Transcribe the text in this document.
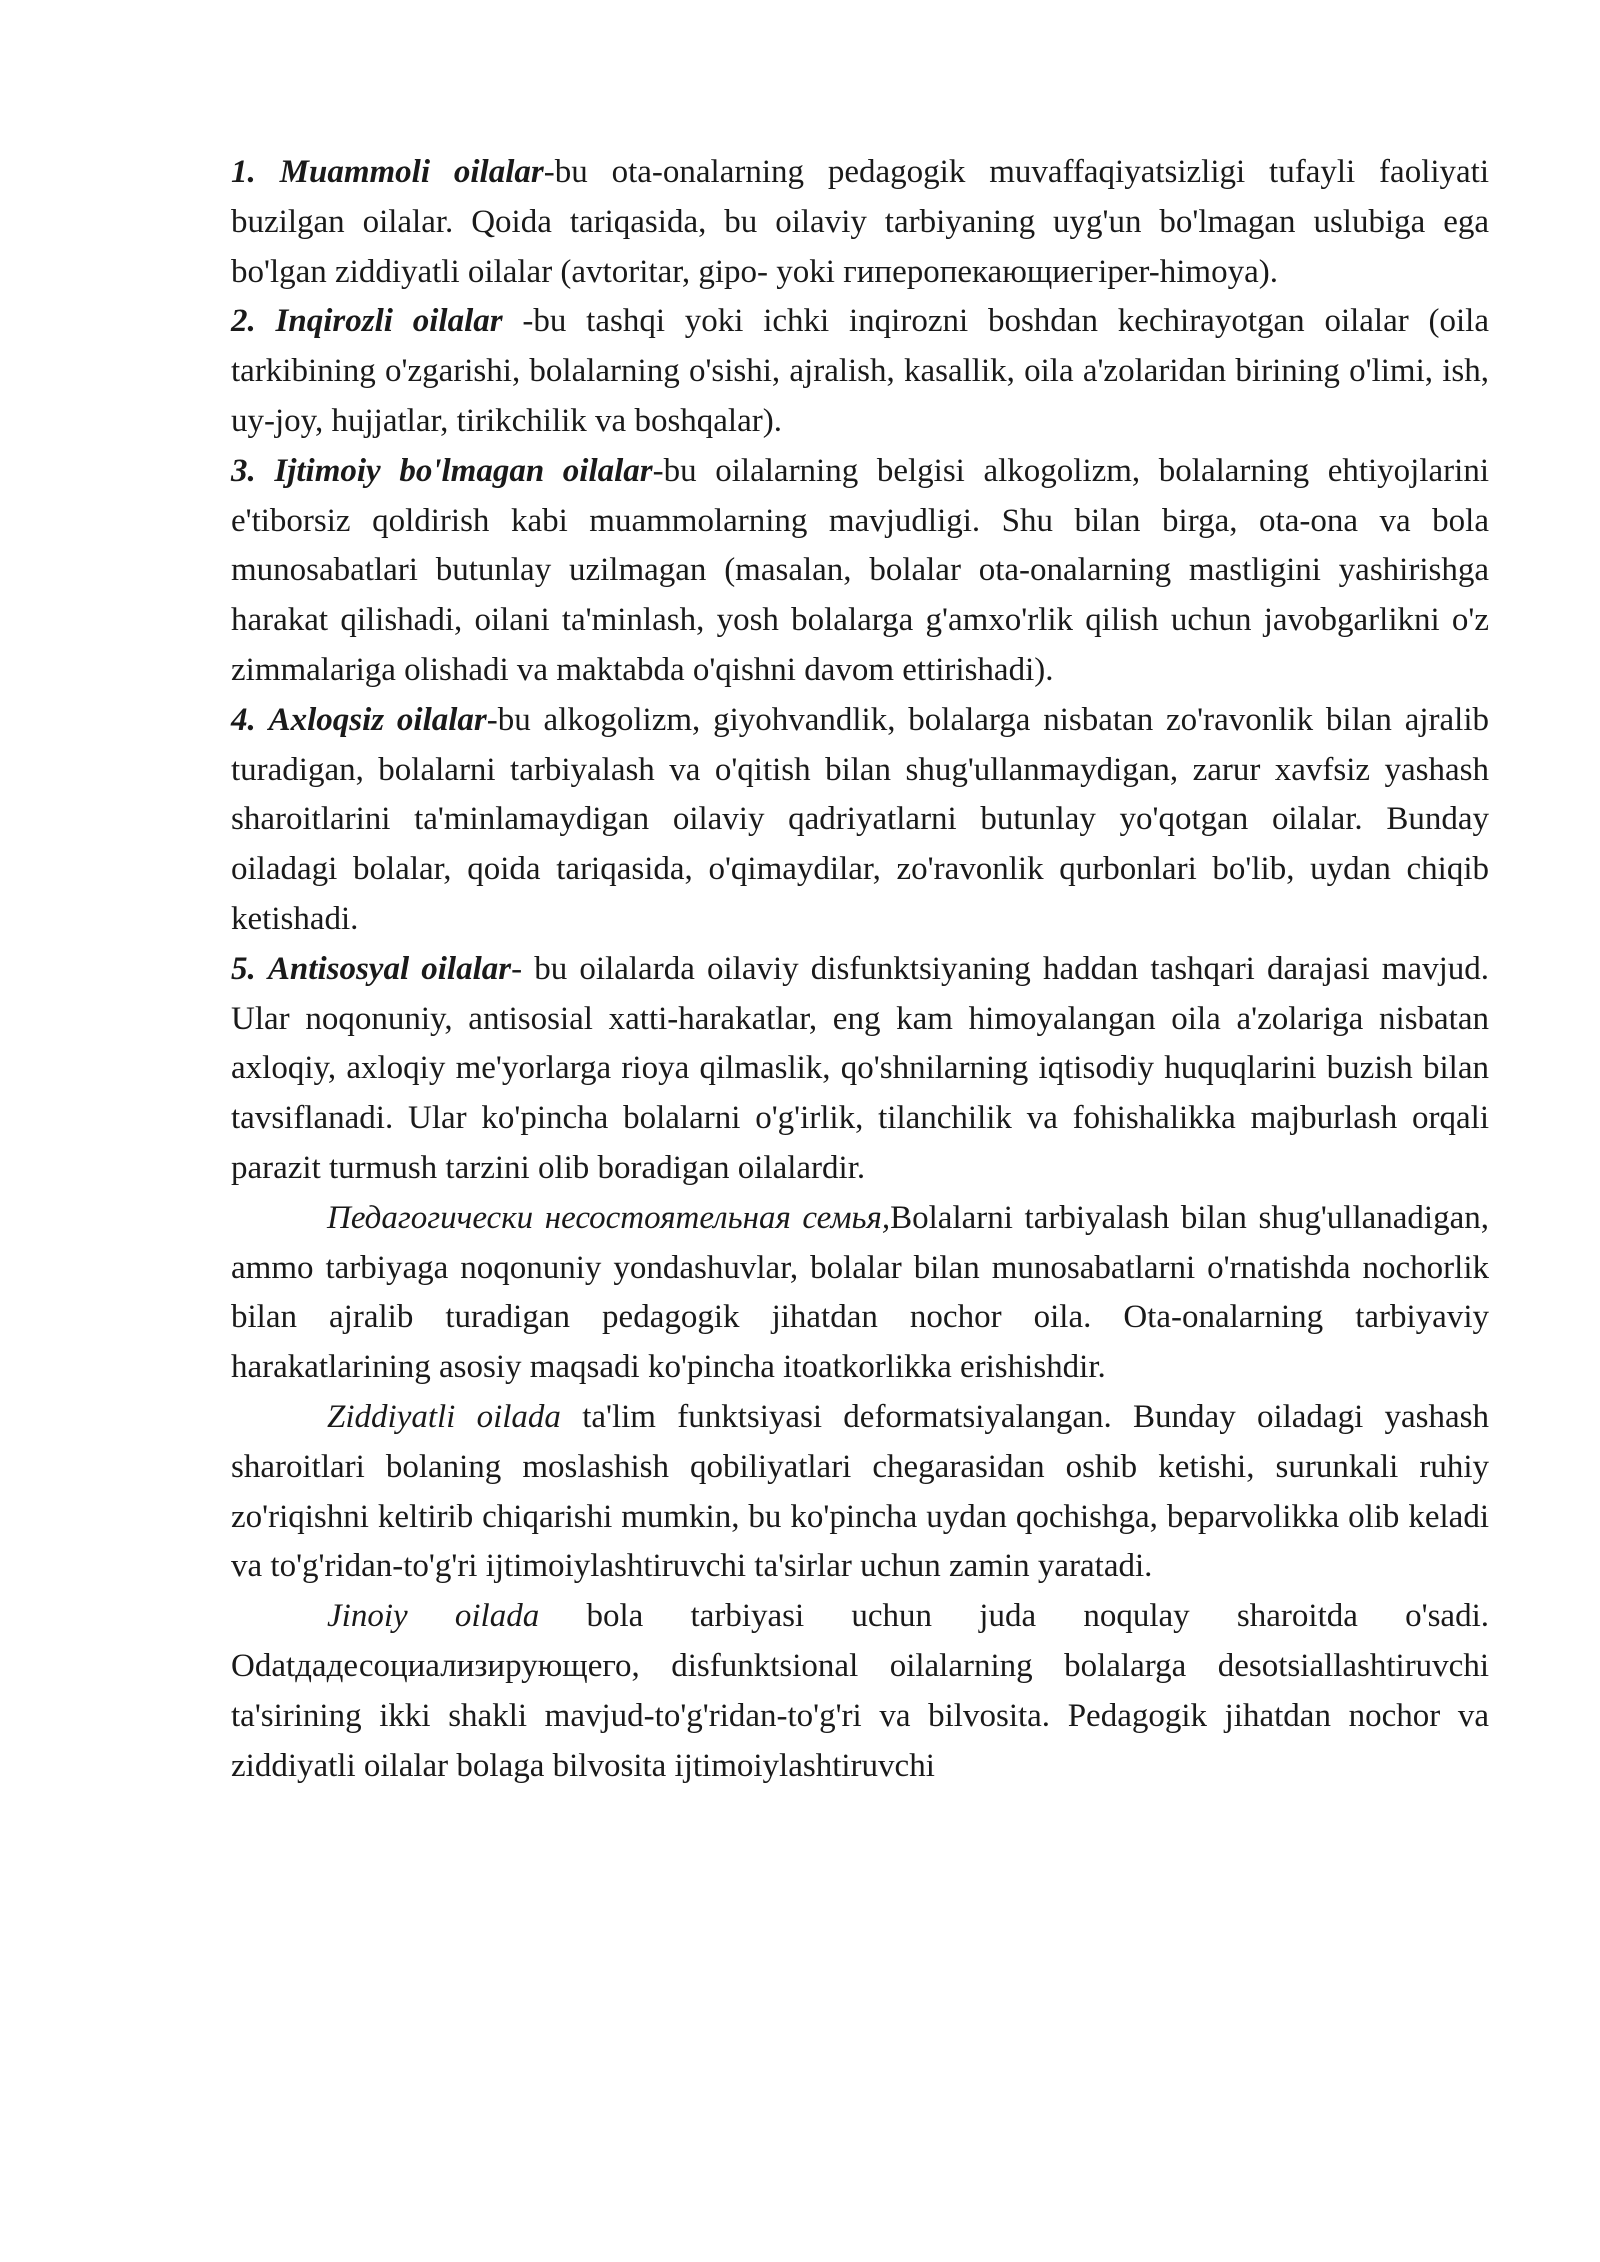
1. Muammoli oilalar-bu ota-onalarning pedagogik muvaffaqiyatsizligi tufayli faoliyati buzilgan oilalar. Qoida tariqasida, bu oilaviy tarbiyaning uyg'un bo'lmagan uslubiga ega bo'lgan ziddiyatli oilalar (avtoritar, gipo- yoki гиперопекающиегiper-himoya).

2. Inqirozli oilalar -bu tashqi yoki ichki inqirozni boshdan kechirayotgan oilalar (oila tarkibining o'zgarishi, bolalarning o'sishi, ajralish, kasallik, oila a'zolaridan birining o'limi, ish, uy-joy, hujjatlar, tirikchilik va boshqalar).

3. Ijtimoiy bo'lmagan oilalar-bu oilalarning belgisi alkogolizm, bolalarning ehtiyojlarini e'tiborsiz qoldirish kabi muammolarning mavjudligi. Shu bilan birga, ota-ona va bola munosabatlari butunlay uzilmagan (masalan, bolalar ota-onalarning mastligini yashirishga harakat qilishadi, oilani ta'minlash, yosh bolalarga g'amxo'rlik qilish uchun javobgarlikni o'z zimmalariga olishadi va maktabda o'qishni davom ettirishadi).

4. Axloqsiz oilalar-bu alkogolizm, giyohvandlik, bolalarga nisbatan zo'ravonlik bilan ajralib turadigan, bolalarni tarbiyalash va o'qitish bilan shug'ullanmaydigan, zarur xavfsiz yashash sharoitlarini ta'minlamaydigan oilaviy qadriyatlarni butunlay yo'qotgan oilalar. Bunday oiladagi bolalar, qoida tariqasida, o'qimaydilar, zo'ravonlik qurbonlari bo'lib, uydan chiqib ketishadi.

5. Antisosyal oilalar- bu oilalarda oilaviy disfunktsiyaning haddan tashqari darajasi mavjud. Ular noqonuniy, antisosial xatti-harakatlar, eng kam himoyalangan oila a'zolariga nisbatan axloqiy, axloqiy me'yorlarga rioya qilmaslik, qo'shnilarning iqtisodiy huquqlarini buzish bilan tavsiflanadi. Ular ko'pincha bolalarni o'g'irlik, tilanchilik va fohishalikka majburlash orqali parazit turmush tarzini olib boradigan oilalardir.

Педагогически несостоятельная семья,Bolalarni tarbiyalash bilan shug'ullanadigan, ammo tarbiyaga noqonuniy yondashuvlar, bolalar bilan munosabatlarni o'rnatishda nochorlik bilan ajralib turadigan pedagogik jihatdan nochor oila. Ota-onalarning tarbiyaviy harakatlarining asosiy maqsadi ko'pincha itoatkorlikka erishishdir.

Ziddiyatli oilada ta'lim funktsiyasi deformatsiyalangan. Bunday oiladagi yashash sharoitlari bolaning moslashish qobiliyatlari chegarasidan oshib ketishi, surunkali ruhiy zo'riqishni keltirib chiqarishi mumkin, bu ko'pincha uydan qochishga, beparvolikka olib keladi va to'g'ridan-to'g'ri ijtimoiylashtiruvchi ta'sirlar uchun zamin yaratadi.

Jinoiy oilada bola tarbiyasi uchun juda noqulay sharoitda o'sadi. Odatдадесоциализирующего, disfunktsional oilalarning bolalarga desotsiallashtiruvchi ta'sirining ikki shakli mavjud-to'g'ridan-to'g'ri va bilvosita. Pedagogik jihatdan nochor va ziddiyatli oilalar bolaga bilvosita ijtimoiylashtiruvchi
